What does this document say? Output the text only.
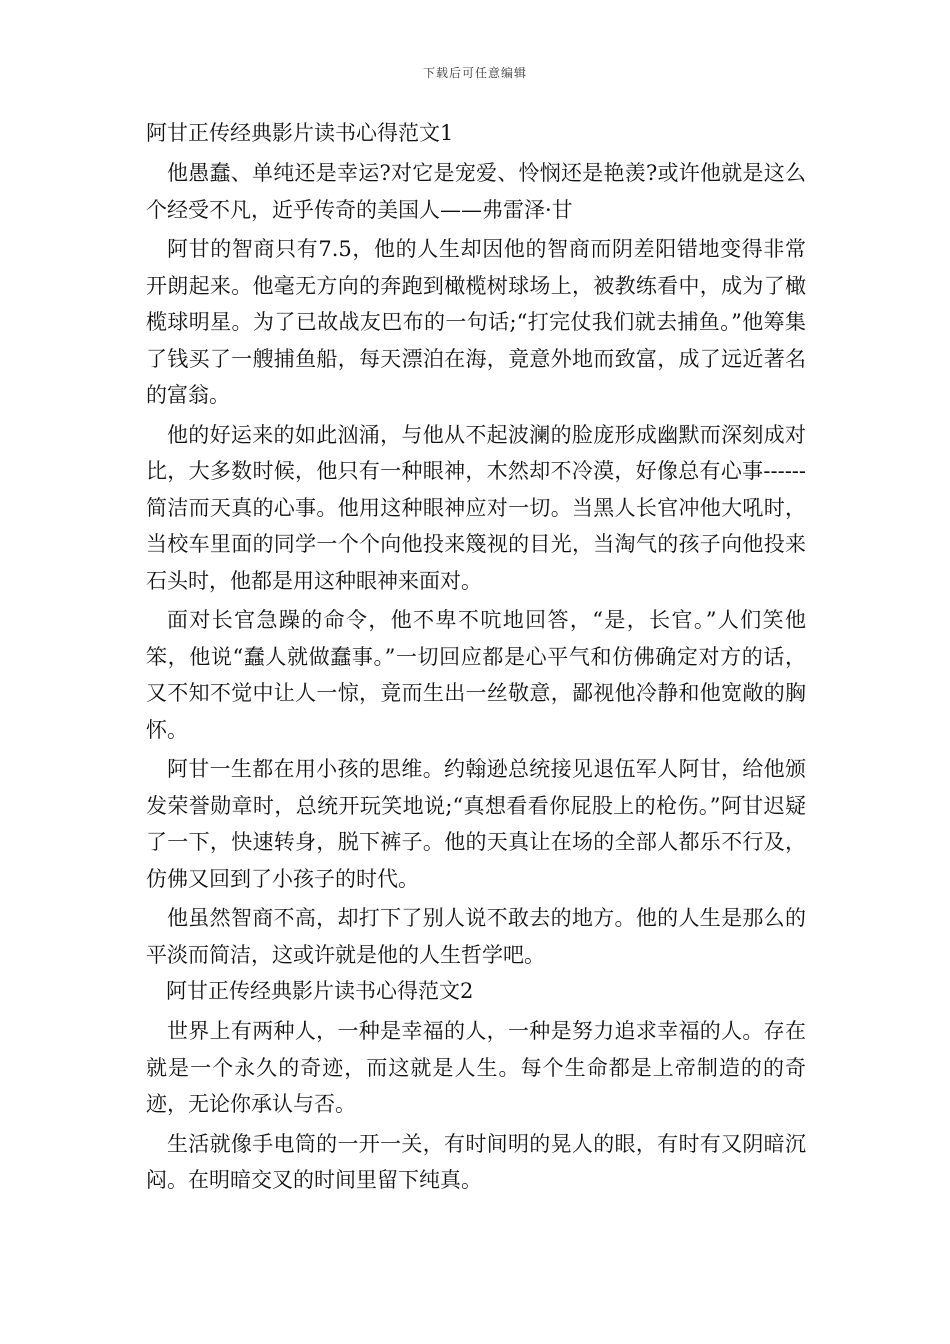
下载后可任意编辑
阿甘正传经典影片读书心得范文1

他愚蠢、单纯还是幸运?对它是宠爱、怜悯还是艳羡?或许他就是这么个经受不凡，近乎传奇的美国人——弗雷泽·甘

阿甘的智商只有7.5，他的人生却因他的智商而阴差阳错地变得非常开朗起来。他毫无方向的奔跑到橄榄树球场上，被教练看中，成为了橄榄球明星。为了已故战友巴布的一句话;“打完仗我们就去捕鱼。”他筹集了钱买了一艘捕鱼船，每天漂泊在海，竟意外地而致富，成了远近著名的富翁。

他的好运来的如此汹涌，与他从不起波澜的脸庞形成幽默而深刻成对比，大多数时候，他只有一种眼神，木然却不冷漠，好像总有心事------简洁而天真的心事。他用这种眼神应对一切。当黑人长官冲他大吼时，当校车里面的同学一个个向他投来篾视的目光，当淘气的孩子向他投来石头时，他都是用这种眼神来面对。

面对长官急躁的命令，他不卑不吭地回答，“是，长官。”人们笑他笨，他说“蠢人就做蠢事。”一切回应都是心平气和仿佛确定对方的话，又不知不觉中让人一惊，竟而生出一丝敬意，鄙视他冷静和他宽敞的胸怀。

阿甘一生都在用小孩的思维。约翰逊总统接见退伍军人阿甘，给他颁发荣誉勋章时，总统开玩笑地说;“真想看看你屁股上的枪伤。”阿甘迟疑了一下，快速转身，脱下裤子。他的天真让在场的全部人都乐不行及，仿佛又回到了小孩子的时代。

他虽然智商不高，却打下了别人说不敢去的地方。他的人生是那么的平淡而简洁，这或许就是他的人生哲学吧。

阿甘正传经典影片读书心得范文2

世界上有两种人，一种是幸福的人，一种是努力追求幸福的人。存在就是一个永久的奇迹，而这就是人生。每个生命都是上帝制造的的奇迹，无论你承认与否。

生活就像手电筒的一开一关，有时间明的晃人的眼，有时有又阴暗沉闷。在明暗交叉的时间里留下纯真。
